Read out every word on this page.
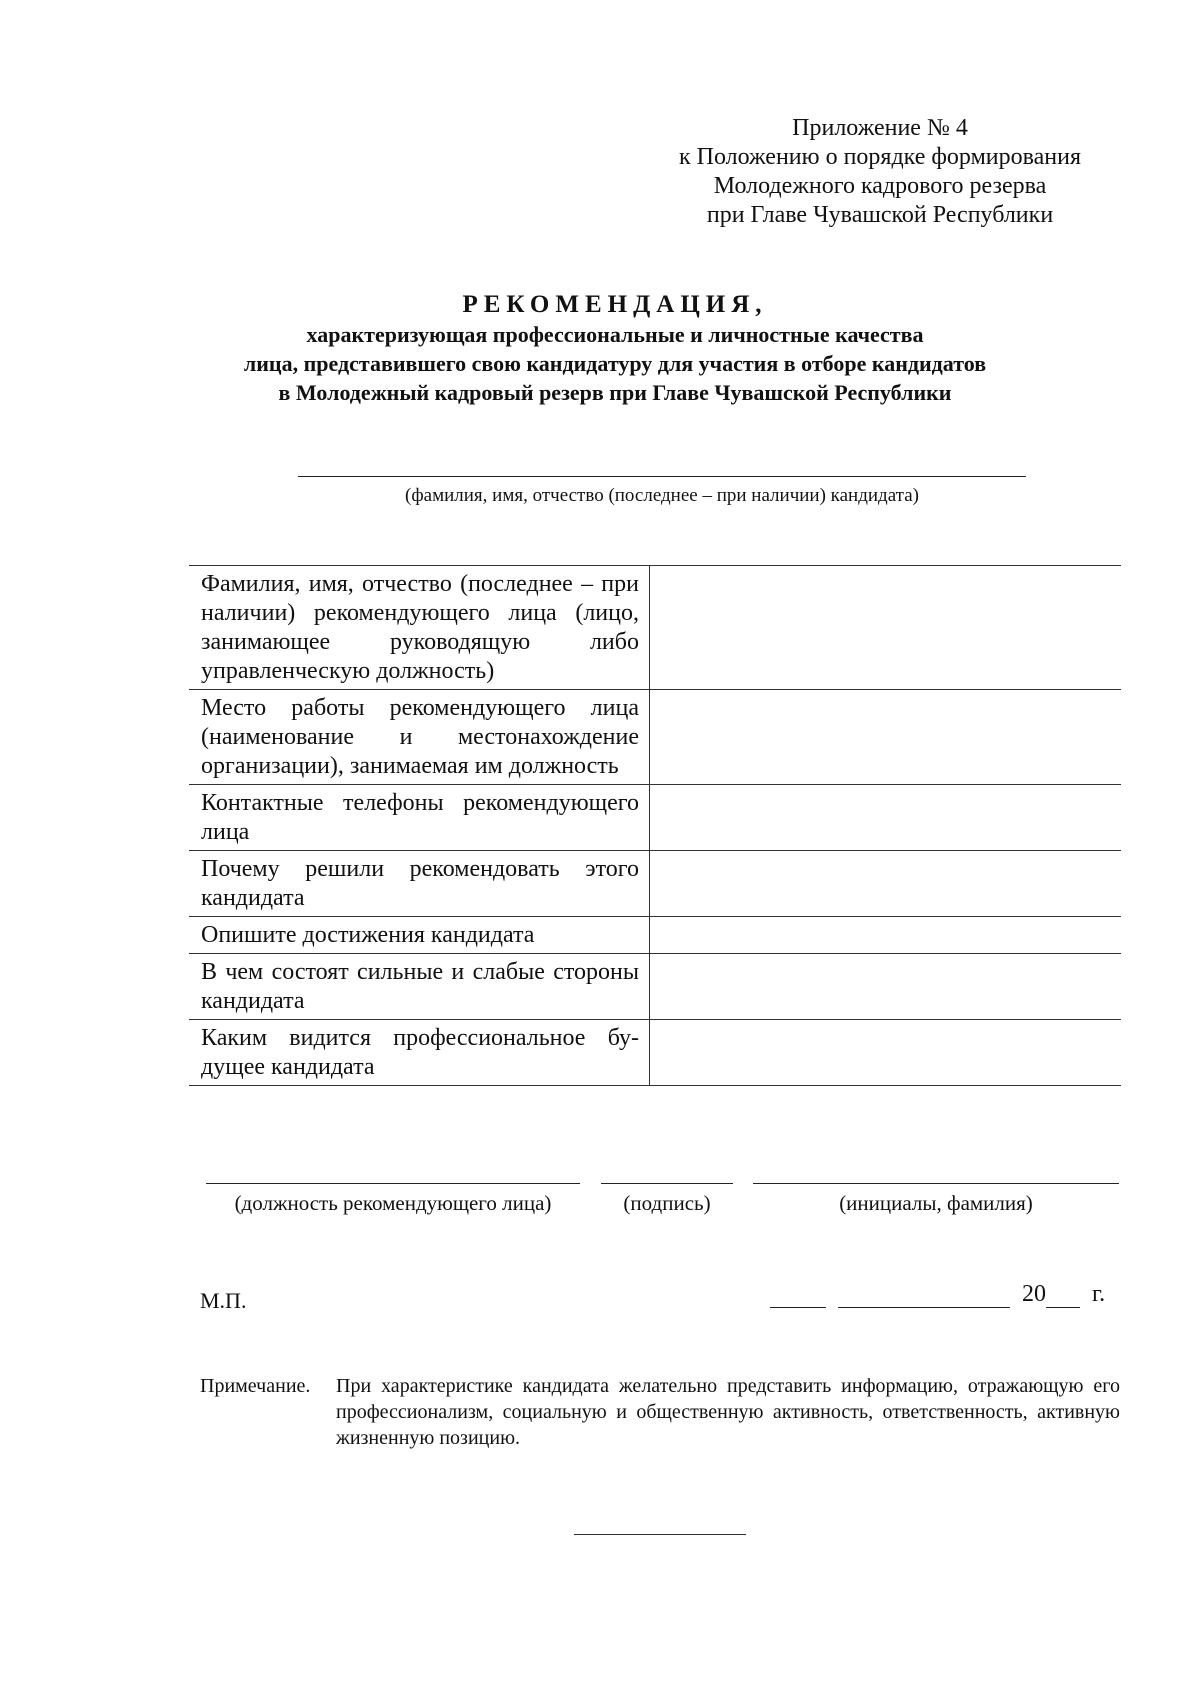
Приложение № 4
к Положению о порядке формирования
Молодежного кадрового резерва
при Главе Чувашской Республики
РЕКОМЕНДАЦИЯ,
характеризующая профессиональные и личностные качества
лица, представившего свою кандидатуру для участия в отборе кандидатов
в Молодежный кадровый резерв при Главе Чувашской Республики
(фамилия, имя, отчество (последнее – при наличии) кандидата)
Фамилия, имя, отчество (последнее – при наличии) рекомендующего лица (лицо, занимающее руководящую либо управленческую должность)	
Место работы рекомендующего лица (наименование и местонахождение организации), занимаемая им должность	
Контактные телефоны рекомендующего лица	
Почему решили рекомендовать этого кандидата	
Опишите достижения кандидата	
В чем состоят сильные и слабые стороны кандидата	
Каким видится профессиональное будущее кандидата	
(должность рекомендующего лица)	(подпись)	(инициалы, фамилия)
М.П.	20 г.
Примечание.	При характеристике кандидата желательно представить информацию, отражающую его профессионализм, социальную и общественную активность, ответственность, активную жизненную позицию.
